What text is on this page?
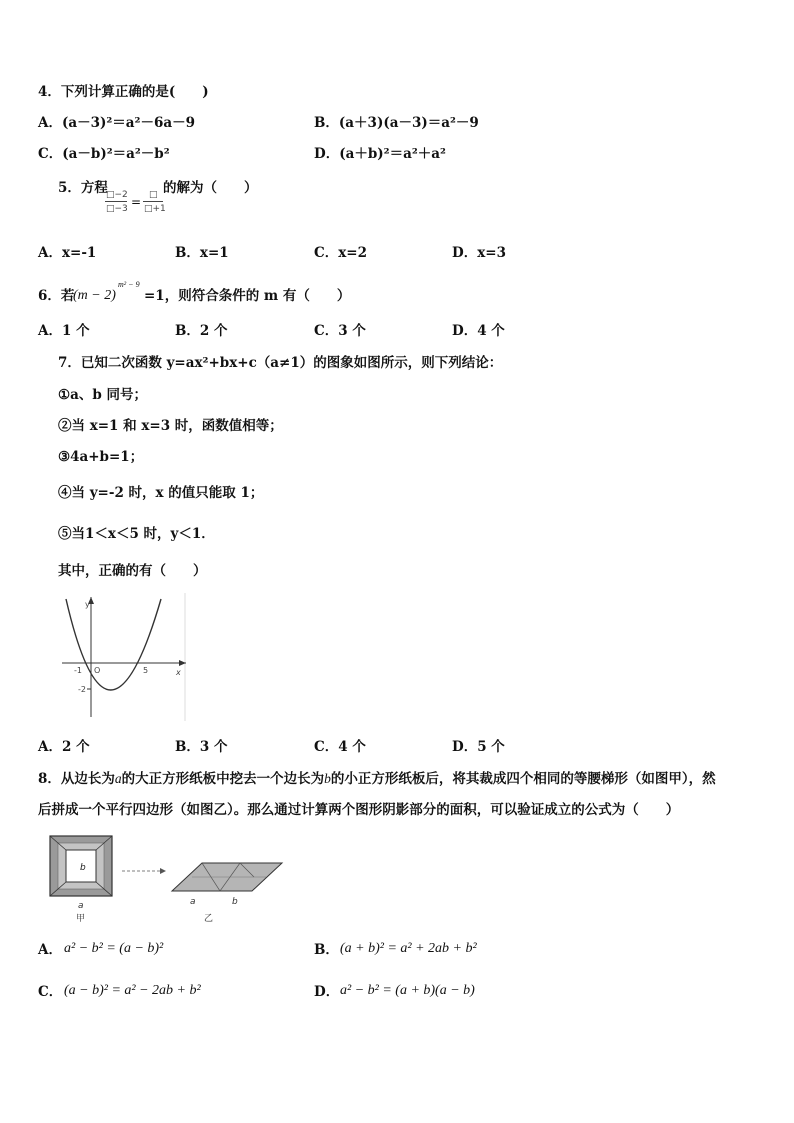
4．下列计算正确的是(　　)
A．(a－3)²＝a²－6a－9	B．(a＋3)(a－3)＝a²－9
C．(a－b)²＝a²－b²	D．(a＋b)²＝a²＋a²
5．方程
□−2
□−3 = □
□+1
的解为（　　）
A．x=-1	B．x=1	C．x=2	D．x=3
6．若
(m − 2)
m² − 9
=1，则符合条件的 m 有（　　）
A．1 个	B．2 个	C．3 个	D．4 个
7．已知二次函数 y=ax²+bx+c（a≠1）的图象如图所示，则下列结论：
①a、b 同号；
②当 x=1 和 x=3 时，函数值相等；
③4a+b=1；
④当 y=-2 时，x 的值只能取 1；
⑤当1＜x＜5 时，y＜1．
其中，正确的有（　　）
y
x
O
-1	5
-2
A．2 个	B．3 个	C．4 个	D．5 个
8．从边长为a的大正方形纸板中挖去一个边长为b的小正方形纸板后，将其裁成四个相同的等腰梯形（如图甲），然
后拼成一个平行四边形（如图乙）。那么通过计算两个图形阴影部分的面积，可以验证成立的公式为（　　）
b
a
甲
a	b
乙
A． a² − b² = (a − b)²	B． (a + b)² = a² + 2ab + b²
C． (a − b)² = a² − 2ab + b²	D． a² − b² = (a + b)(a − b)
